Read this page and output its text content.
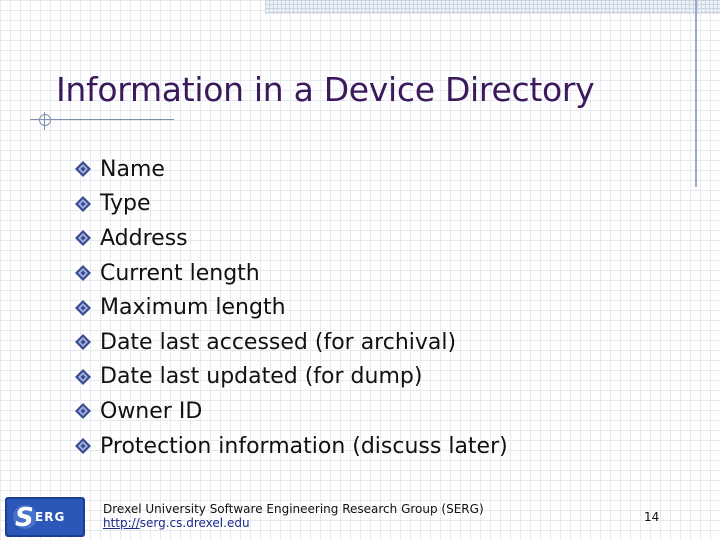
Information in a Device Directory
Name
Type
Address
Current length
Maximum length
Date last accessed (for archival)
Date last updated (for dump)
Owner ID
Protection information (discuss later)
S ERG
Drexel University Software Engineering Research Group (SERG)
http://serg.cs.drexel.edu	14
